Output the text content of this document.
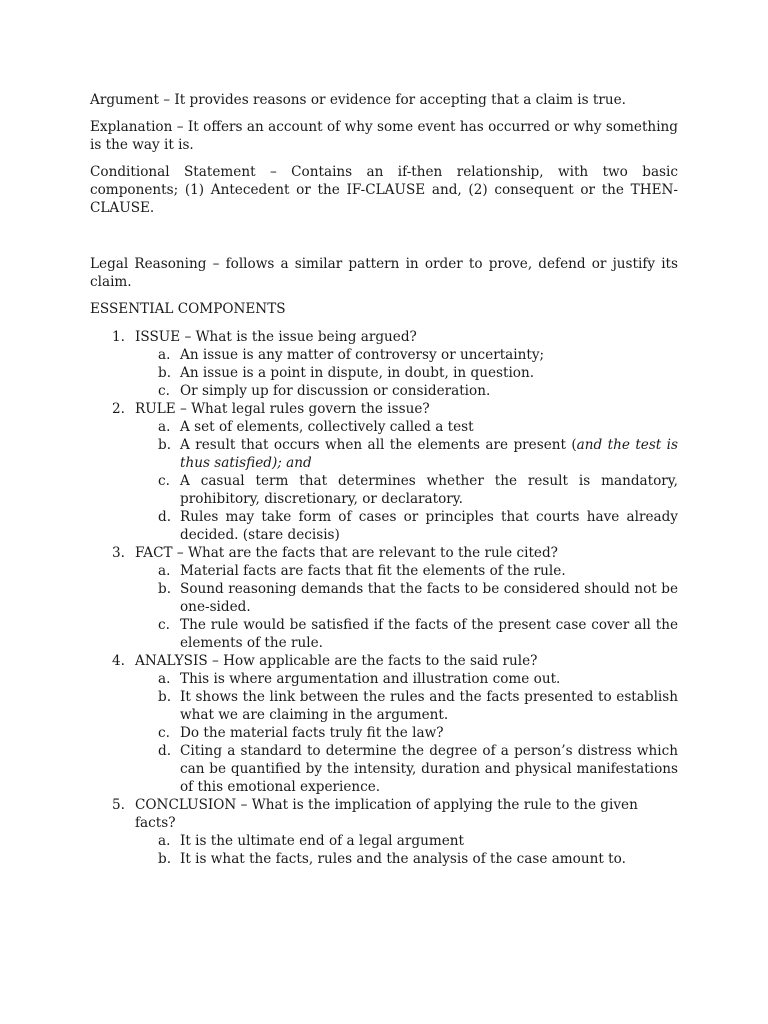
Argument – It provides reasons or evidence for accepting that a claim is true.

Explanation – It offers an account of why some event has occurred or why something is the way it is.

Conditional Statement – Contains an if-then relationship, with two basic components; (1) Antecedent or the IF-CLAUSE and, (2) consequent or the THEN-CLAUSE.

Legal Reasoning – follows a similar pattern in order to prove, defend or justify its claim.

ESSENTIAL COMPONENTS

1. ISSUE – What is the issue being argued?
a. An issue is any matter of controversy or uncertainty;
b. An issue is a point in dispute, in doubt, in question.
c. Or simply up for discussion or consideration.
2. RULE – What legal rules govern the issue?
a. A set of elements, collectively called a test
b. A result that occurs when all the elements are present (and the test is thus satisfied); and
c. A casual term that determines whether the result is mandatory, prohibitory, discretionary, or declaratory.
d. Rules may take form of cases or principles that courts have already decided. (stare decisis)
3. FACT – What are the facts that are relevant to the rule cited?
a. Material facts are facts that fit the elements of the rule.
b. Sound reasoning demands that the facts to be considered should not be one-sided.
c. The rule would be satisfied if the facts of the present case cover all the elements of the rule.
4. ANALYSIS – How applicable are the facts to the said rule?
a. This is where argumentation and illustration come out.
b. It shows the link between the rules and the facts presented to establish what we are claiming in the argument.
c. Do the material facts truly fit the law?
d. Citing a standard to determine the degree of a person’s distress which can be quantified by the intensity, duration and physical manifestations of this emotional experience.
5. CONCLUSION – What is the implication of applying the rule to the given facts?
a. It is the ultimate end of a legal argument
b. It is what the facts, rules and the analysis of the case amount to.
